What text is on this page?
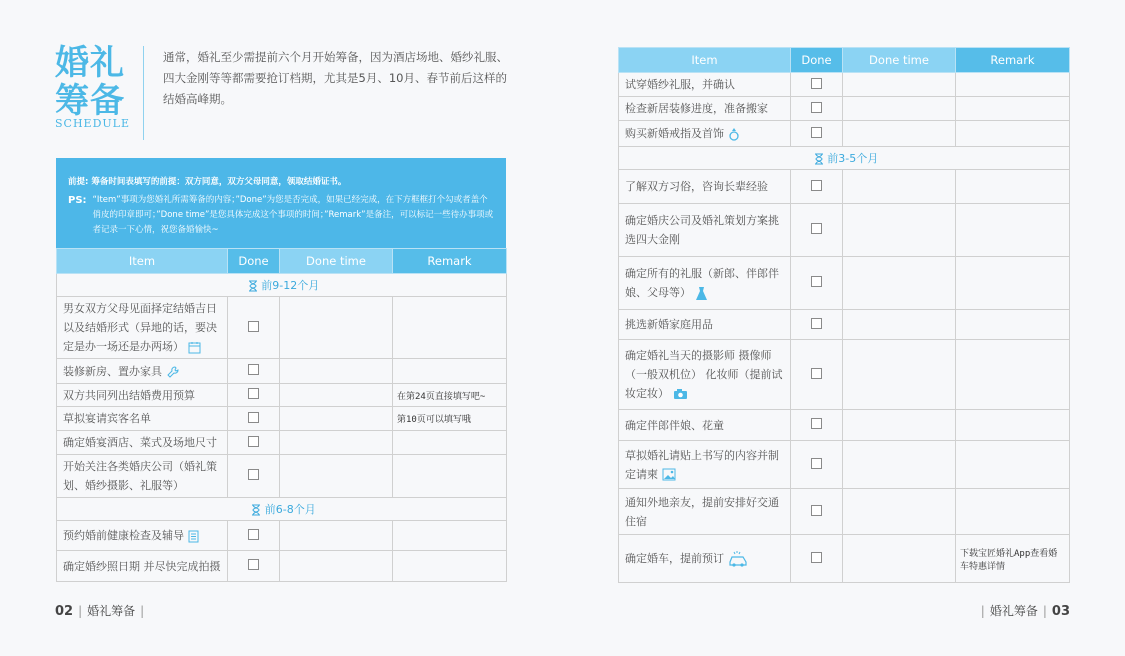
婚礼
筹备
SCHEDULE
通常，婚礼至少需提前六个月开始筹备，因为酒店场地、婚纱礼服、四大金刚等等都需要抢订档期，尤其是5月、10月、春节前后这样的结婚高峰期。
前提: 筹备时间表填写的前提：双方同意，双方父母同意，领取结婚证书。
PS: “Item”事项为您婚礼所需筹备的内容；”Done”为您是否完成，如果已经完成，在下方框框打个勾或者盖个俏皮的印章即可；”Done time”是您具体完成这个事项的时间；”Remark”是备注，可以标记一些待办事项或者记录一下心情，祝您备婚愉快~
Item	Done	Done time	Remark
前9-12个月			
男女双方父母见面择定结婚吉日以及结婚形式（异地的话，要决定是办一场还是办两场）			
装修新房、置办家具			
双方共同列出结婚费用预算			在第24页直接填写吧~
草拟宴请宾客名单			第10页可以填写哦
确定婚宴酒店、菜式及场地尺寸			
开始关注各类婚庆公司（婚礼策划、婚纱摄影、礼服等）			
前6-8个月			
预约婚前健康检查及辅导			
确定婚纱照日期 并尽快完成拍摄			
Item	Done	Done time	Remark
试穿婚纱礼服，并确认			
检查新居装修进度，准备搬家			
购买新婚戒指及首饰			
前3-5个月			
了解双方习俗，咨询长辈经验			
确定婚庆公司及婚礼策划方案挑选四大金刚			
确定所有的礼服（新郎、伴郎伴娘、父母等）			
挑选新婚家庭用品			
确定婚礼当天的摄影师 摄像师（一般双机位） 化妆师（提前试妆定妆）			
确定伴郎伴娘、花童			
草拟婚礼请贴上书写的内容并制定请柬			
通知外地亲友，提前安排好交通住宿			
确定婚车，提前预订			下载宝匠婚礼App查看婚车特惠详情
02 | 婚礼筹备 |	| 婚礼筹备 | 03
